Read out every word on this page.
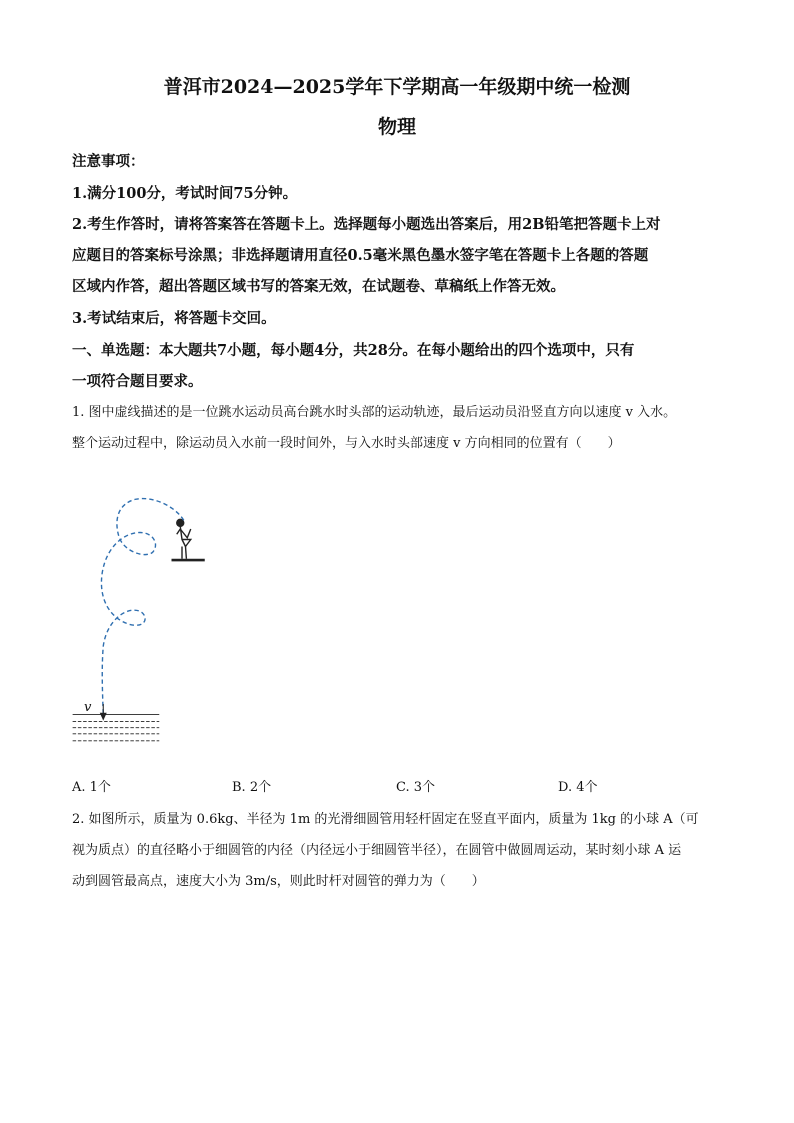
普洱市2024—2025学年下学期高一年级期中统一检测
物理
注意事项：
1.满分100分，考试时间75分钟。
2.考生作答时，请将答案答在答题卡上。选择题每小题选出答案后，用2B铅笔把答题卡上对
应题目的答案标号涂黑；非选择题请用直径0.5毫米黑色墨水签字笔在答题卡上各题的答题
区域内作答，超出答题区域书写的答案无效，在试题卷、草稿纸上作答无效。
3.考试结束后，将答题卡交回。
一、单选题：本大题共7小题，每小题4分，共28分。在每小题给出的四个选项中，只有
一项符合题目要求。
1. 图中虚线描述的是一位跳水运动员高台跳水时头部的运动轨迹，最后运动员沿竖直方向以速度 v 入水。
整个运动过程中，除运动员入水前一段时间外，与入水时头部速度 v 方向相同的位置有（　　）
v
A. 1个	B. 2个	C. 3个	D. 4个
2. 如图所示，质量为 0.6kg、半径为 1m 的光滑细圆管用轻杆固定在竖直平面内，质量为 1kg 的小球 A（可
视为质点）的直径略小于细圆管的内径（内径远小于细圆管半径），在圆管中做圆周运动，某时刻小球 A 运
动到圆管最高点，速度大小为 3m/s，则此时杆对圆管的弹力为（　　）
